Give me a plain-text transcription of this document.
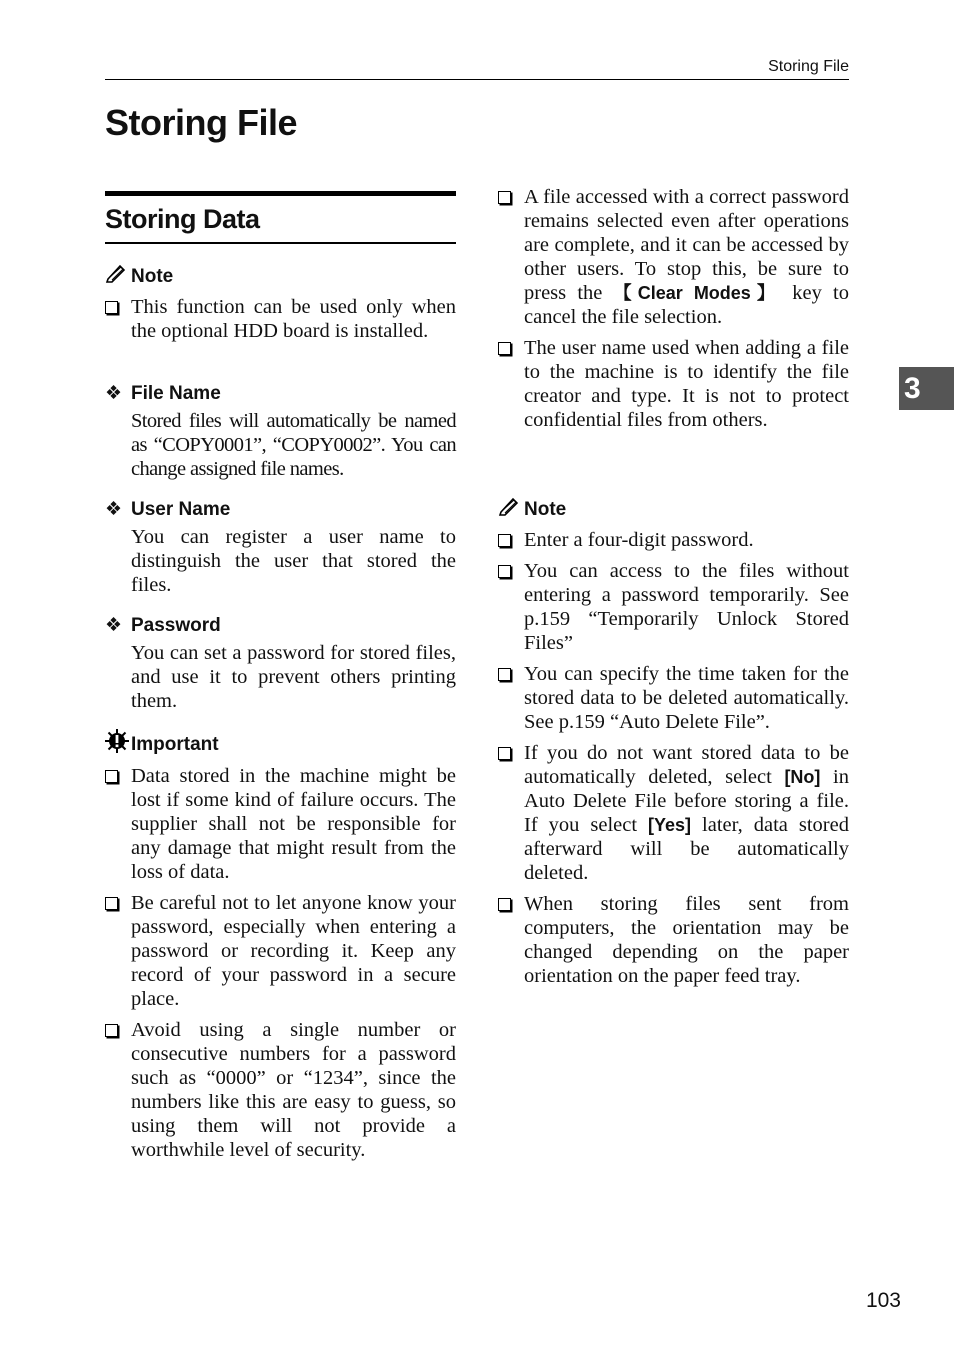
Storing File
Storing File
Storing Data
Note
This function can be used only when the optional HDD board is installed.
❖ File Name
Stored files will automatically be named as “COPY0001”, “COPY0002”. You can change assigned file names.
❖ User Name
You can register a user name to distinguish the user that stored the files.
❖ Password
You can set a password for stored files, and use it to prevent others printing them.
Important
Data stored in the machine might be lost if some kind of failure occurs. The supplier shall not be responsible for any damage that might result from the loss of data.
Be careful not to let anyone know your password, especially when entering a password or recording it. Keep any record of your password in a secure place.
Avoid using a single number or consecutive numbers for a password such as “0000” or “1234”, since the numbers like this are easy to guess, so using them will not provide a worthwhile level of security.
A file accessed with a correct password remains selected even after operations are complete, and it can be accessed by other users. To stop this, be sure to press the 【Clear Modes】 key to cancel the file selection.
The user name used when adding a file to the machine is to identify the file creator and type. It is not to protect confidential files from others.
Note
Enter a four-digit password.
You can access to the files without entering a password temporarily. See p.159 “Temporarily Unlock Stored Files”
You can specify the time taken for the stored data to be deleted automatically. See p.159 “Auto Delete File”.
If you do not want stored data to be automatically deleted, select [No] in Auto Delete File before storing a file. If you select [Yes] later, data stored afterward will be automatically deleted.
When storing files sent from computers, the orientation may be changed depending on the paper orientation on the paper feed tray.
3
103
